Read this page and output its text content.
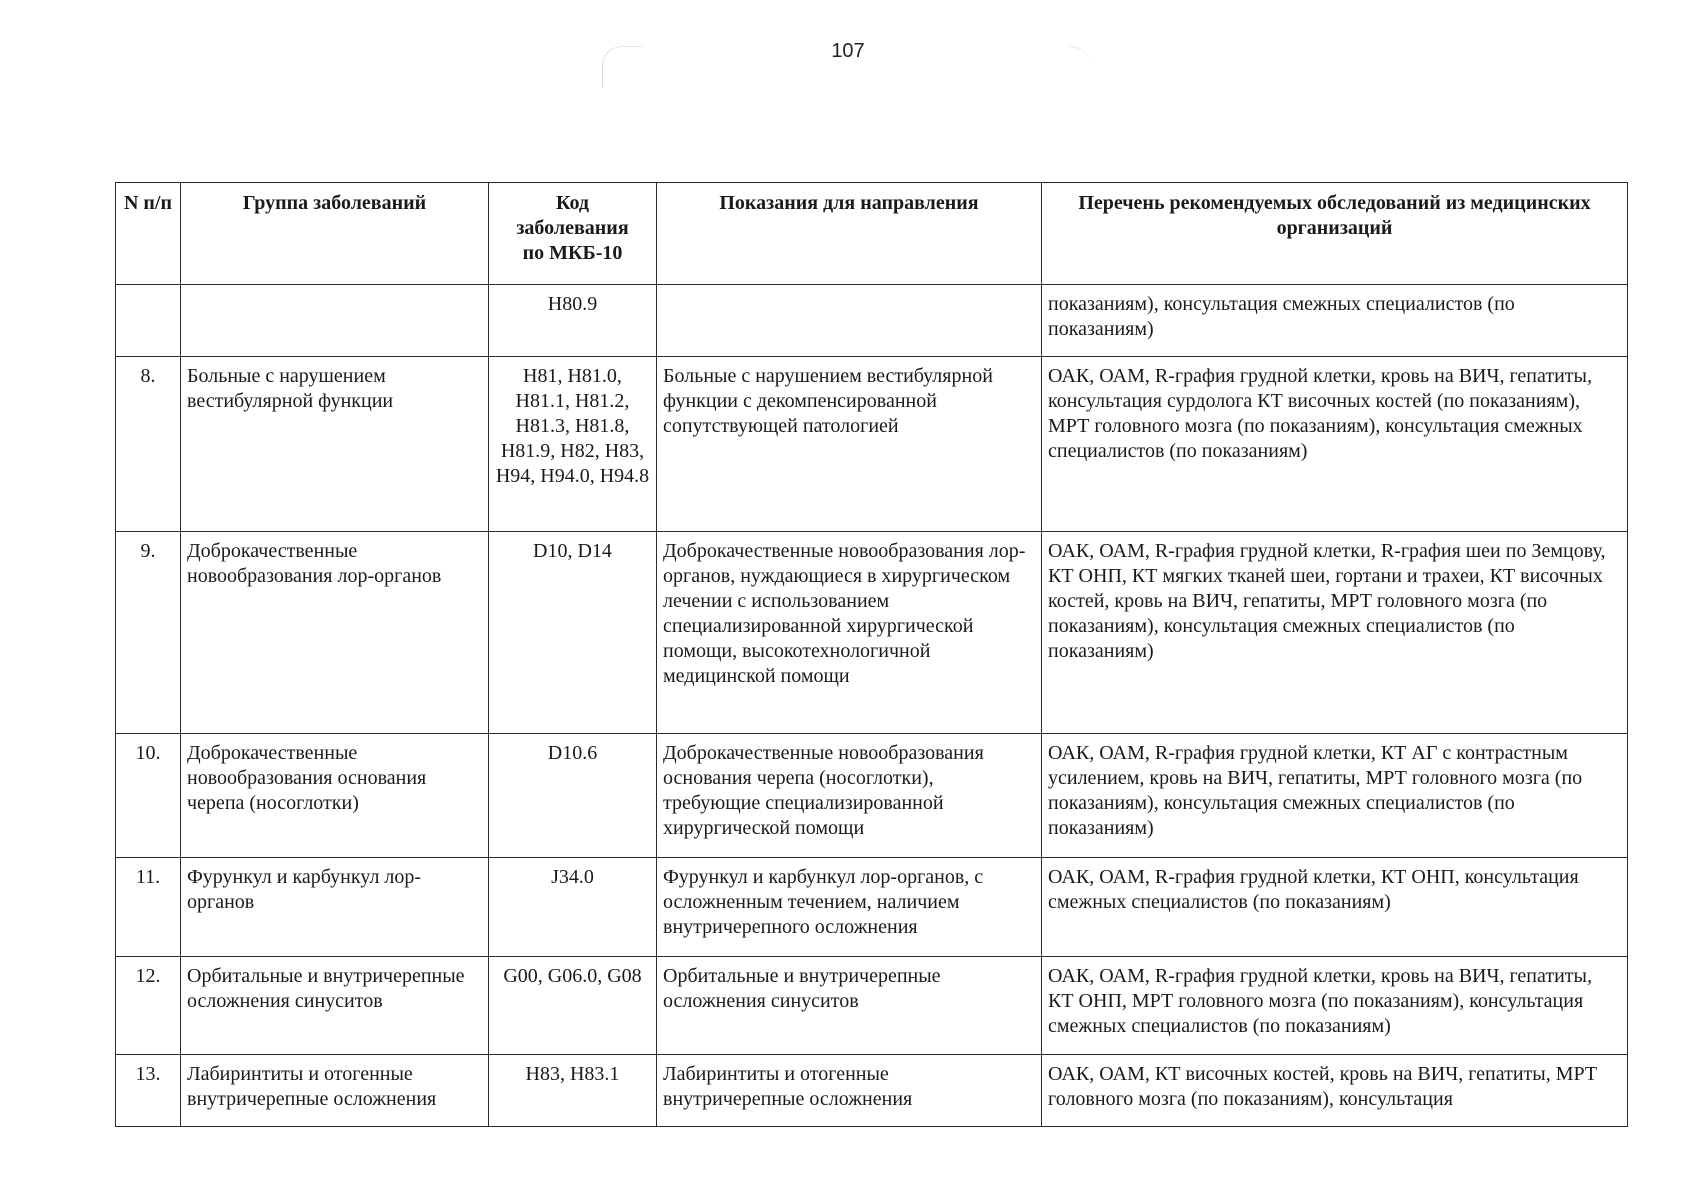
107
N п/п	Группа заболеваний	Код заболевания по МКБ-10	Показания для направления	Перечень рекомендуемых обследований из медицинских организаций
		H80.9		показаниям), консультация смежных специалистов (по показаниям)
8.	Больные с нарушением вестибулярной функции	H81, H81.0, H81.1, H81.2, H81.3, H81.8, H81.9, H82, H83, H94, H94.0, H94.8	Больные с нарушением вестибулярной функции с декомпенсированной сопутствующей патологией	ОАК, ОАМ, R-графия грудной клетки, кровь на ВИЧ, гепатиты, консультация сурдолога КТ височных костей (по показаниям), МРТ головного мозга (по показаниям), консультация смежных специалистов (по показаниям)
9.	Доброкачественные новообразования лор-органов	D10, D14	Доброкачественные новообразования лор-органов, нуждающиеся в хирургическом лечении с использованием специализированной хирургической помощи, высокотехнологичной медицинской помощи	ОАК, ОАМ, R-графия грудной клетки, R-графия шеи по Земцову, КТ ОНП, КТ мягких тканей шеи, гортани и трахеи, КТ височных костей, кровь на ВИЧ, гепатиты, МРТ головного мозга (по показаниям), консультация смежных специалистов (по показаниям)
10.	Доброкачественные новообразования основания черепа (носоглотки)	D10.6	Доброкачественные новообразования основания черепа (носоглотки), требующие специализированной хирургической помощи	ОАК, ОАМ, R-графия грудной клетки, КТ АГ с контрастным усилением, кровь на ВИЧ, гепатиты, МРТ головного мозга (по показаниям), консультация смежных специалистов (по показаниям)
11.	Фурункул и карбункул лор-органов	J34.0	Фурункул и карбункул лор-органов, с осложненным течением, наличием внутричерепного осложнения	ОАК, ОАМ, R-графия грудной клетки, КТ ОНП, консультация смежных специалистов (по показаниям)
12.	Орбитальные и внутричерепные осложнения синуситов	G00, G06.0, G08	Орбитальные и внутричерепные осложнения синуситов	ОАК, ОАМ, R-графия грудной клетки, кровь на ВИЧ, гепатиты, КТ ОНП, МРТ головного мозга (по показаниям), консультация смежных специалистов (по показаниям)
13.	Лабиринтиты и отогенные внутричерепные осложнения	H83, H83.1	Лабиринтиты и отогенные внутричерепные осложнения	ОАК, ОАМ, КТ височных костей, кровь на ВИЧ, гепатиты, МРТ головного мозга (по показаниям), консультация
